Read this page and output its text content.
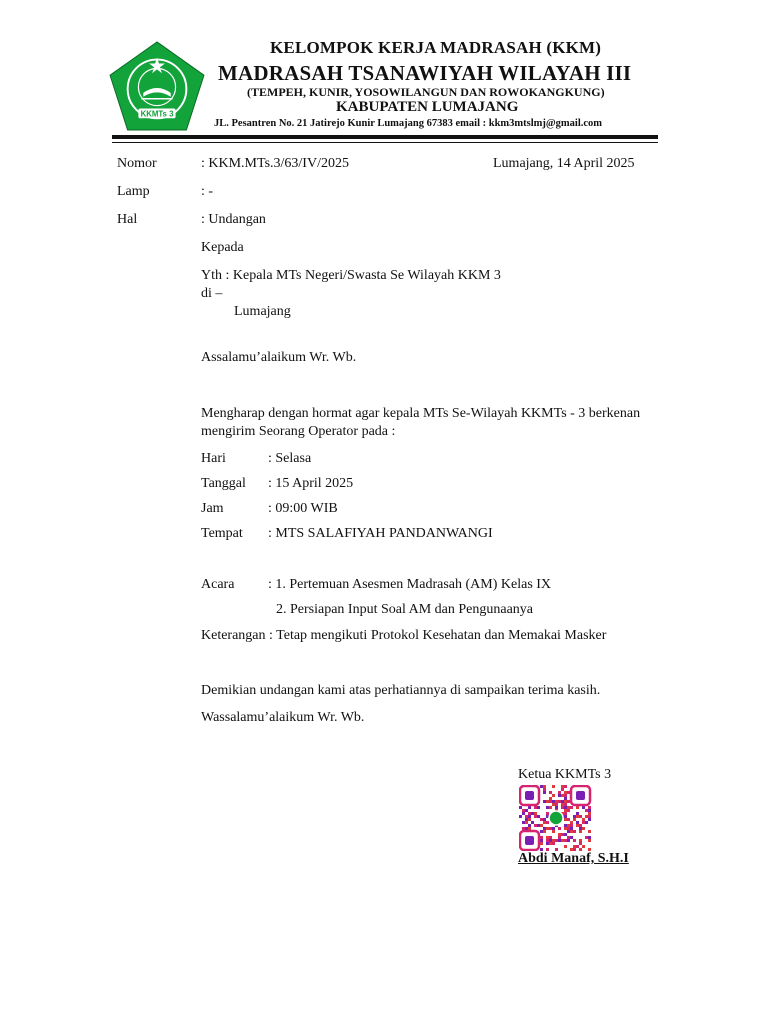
KKMTs 3
KELOMPOK KERJA MADRASAH (KKM)
MADRASAH TSANAWIYAH WILAYAH III
(TEMPEH, KUNIR, YOSOWILANGUN DAN ROWOKANGKUNG)
KABUPATEN LUMAJANG
JL. Pesantren No. 21 Jatirejo Kunir Lumajang 67383 email : kkm3mtslmj@gmail.com
Nomor	: KKM.MTs.3/63/IV/2025	Lumajang, 14 April 2025
Lamp	: -
Hal	: Undangan
Kepada
Yth : Kepala MTs Negeri/Swasta Se Wilayah KKM 3
di –
Lumajang
Assalamu’alaikum Wr. Wb.
Mengharap dengan hormat agar kepala MTs Se-Wilayah KKMTs - 3 berkenan
mengirim Seorang Operator pada :
Hari	: Selasa
Tanggal : 15 April 2025
Jam	: 09:00 WIB
Tempat : MTS SALAFIYAH PANDANWANGI
Acara : 1. Pertemuan Asesmen Madrasah (AM) Kelas IX
2. Persiapan Input Soal AM dan Pengunaanya
Keterangan : Tetap mengikuti Protokol Kesehatan dan Memakai Masker
Demikian undangan kami atas perhatiannya di sampaikan terima kasih.
Wassalamu’alaikum Wr. Wb.
Ketua KKMTs 3
Abdi Manaf, S.H.I
